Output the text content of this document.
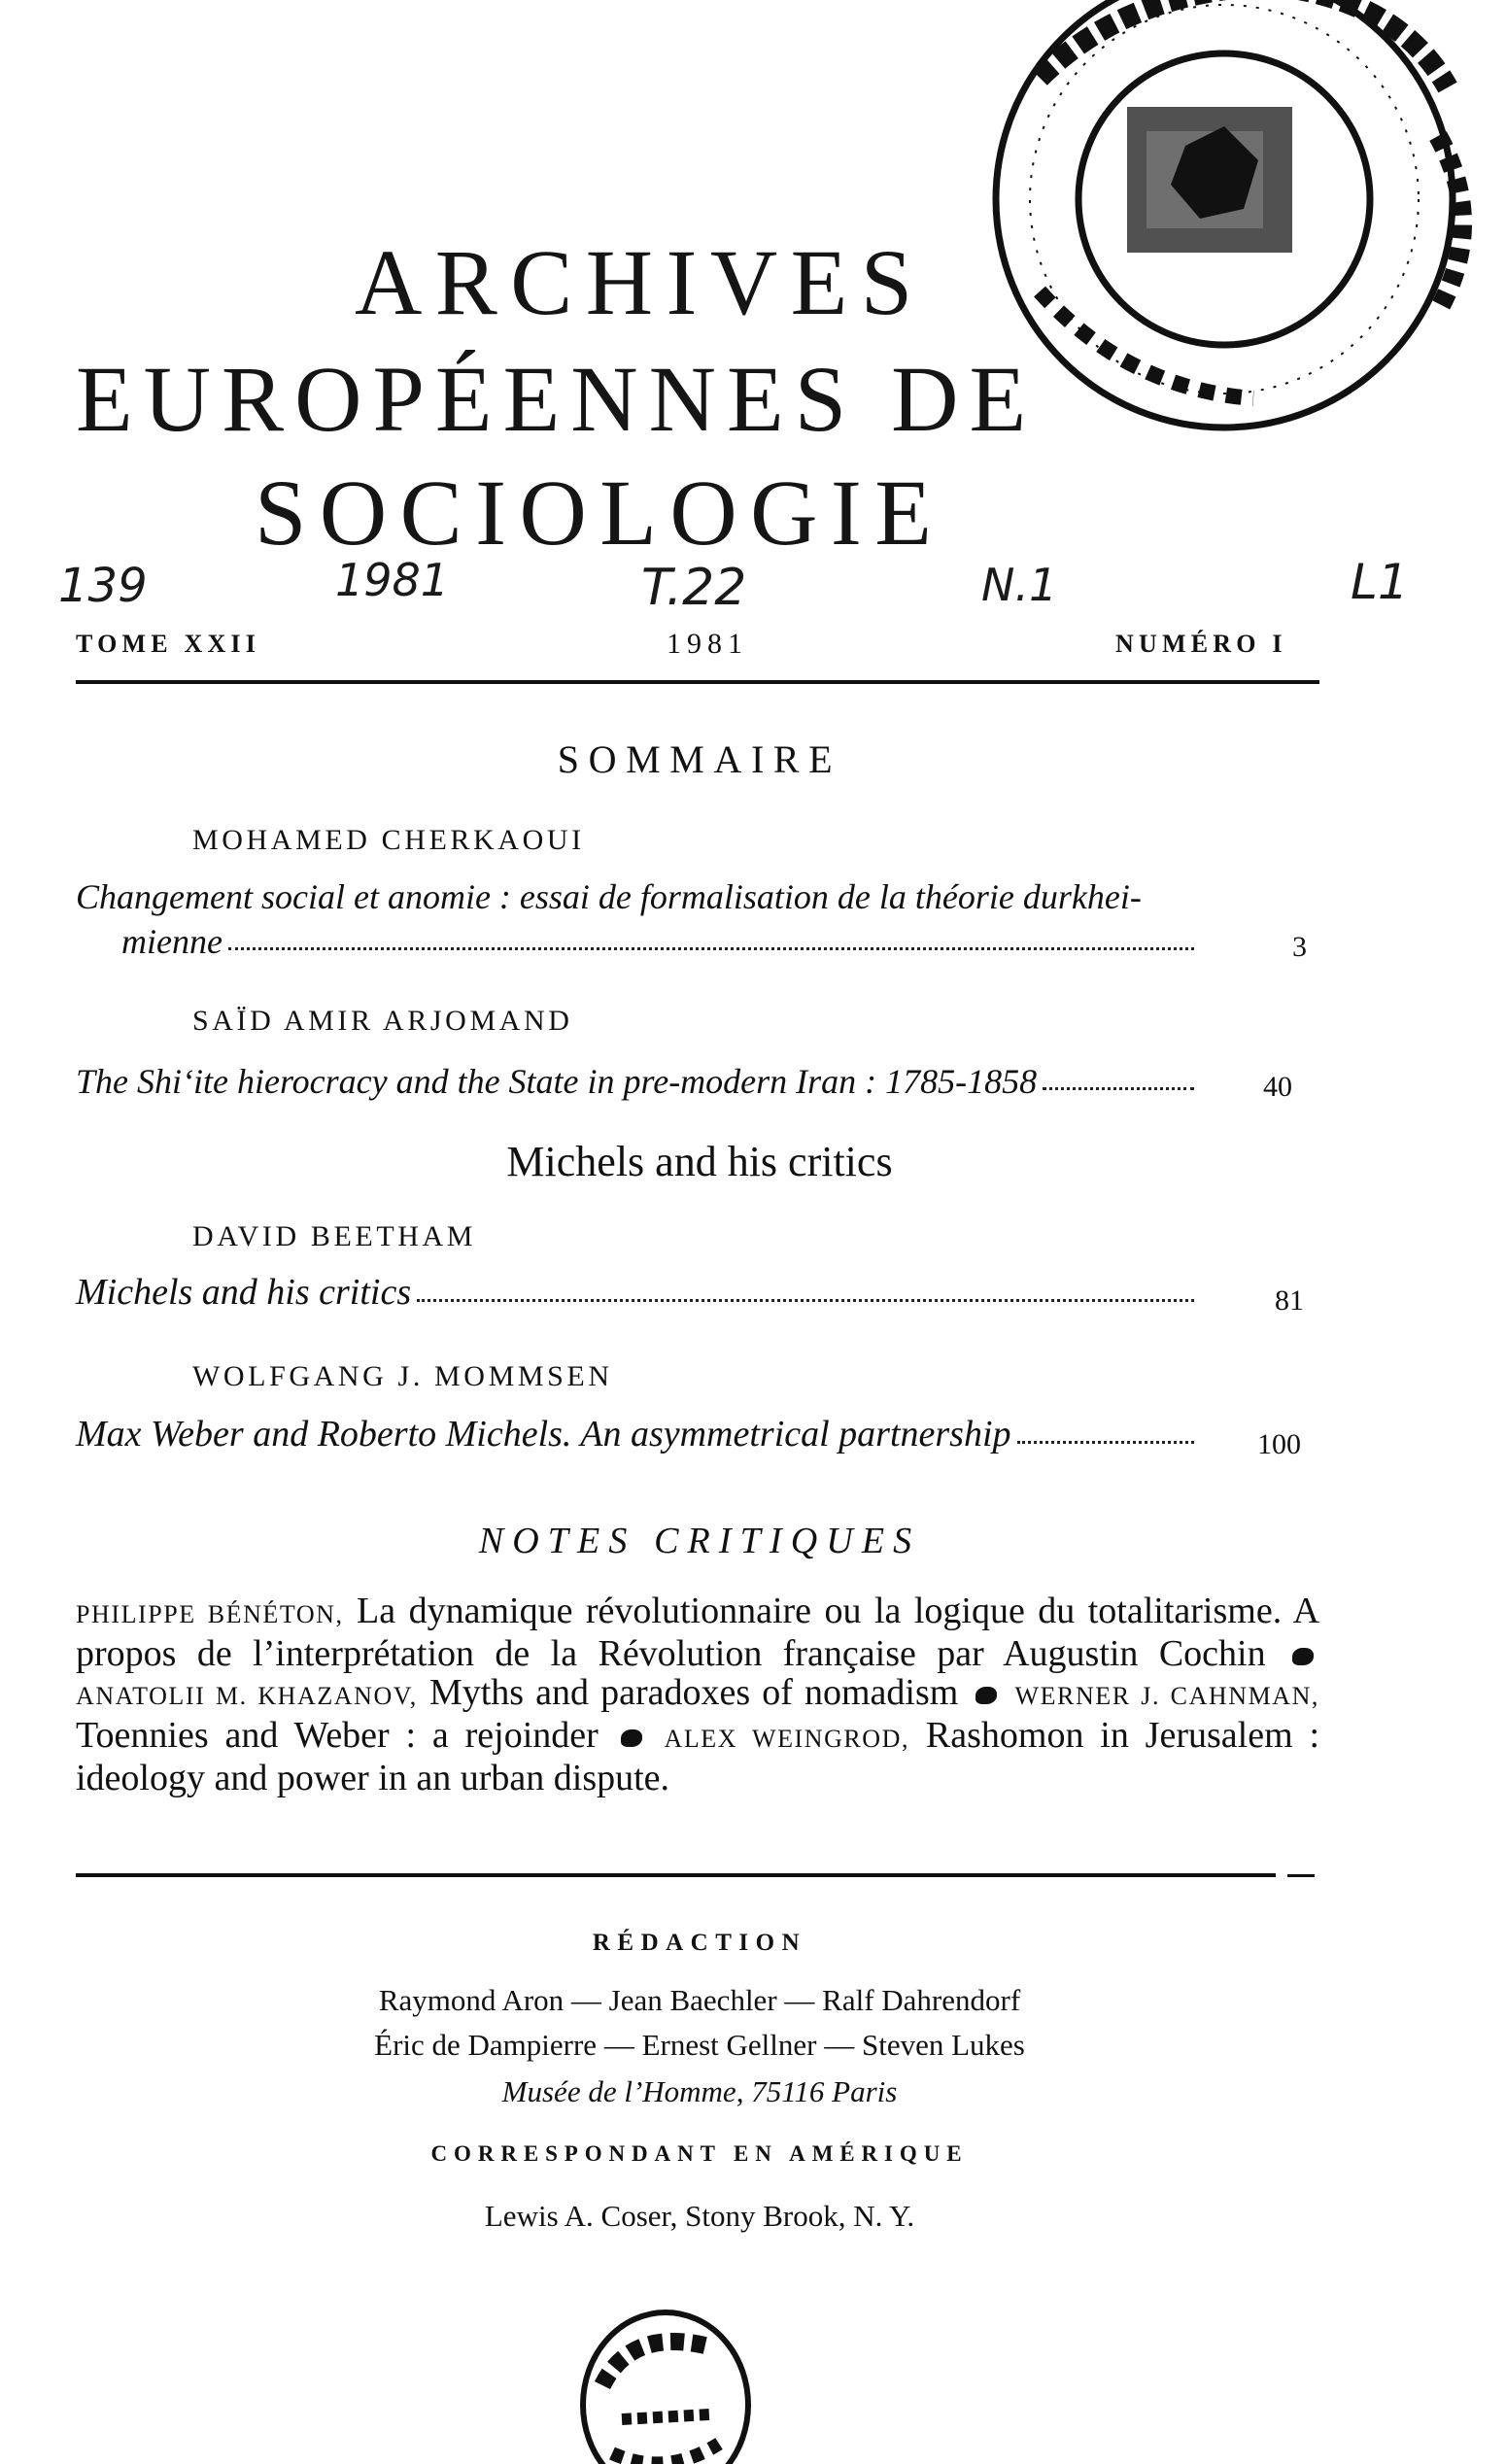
ARCHIVES
EUROPÉENNES DE
SOCIOLOGIE
139	1981	T.22	N.1	L1
TOME XXII	1981	NUMÉRO I
SOMMAIRE
MOHAMED CHERKAOUI
Changement social et anomie : essai de formalisation de la théorie durkhei-
mienne	3
SAÏD AMIR ARJOMAND
The Shi‘ite hierocracy and the State in pre-modern Iran : 1785-1858	40
Michels and his critics
DAVID BEETHAM
Michels and his critics	81
WOLFGANG J. MOMMSEN
Max Weber and Roberto Michels. An asymmetrical partnership	100
NOTES CRITIQUES
PHILIPPE BÉNÉTON, La dynamique révolutionnaire ou la logique du totalitarisme. A propos de l’interprétation de la Révolution française par Augustin Cochin  ANATOLII M. KHAZANOV, Myths and paradoxes of nomadism WERNER J. CAHNMAN, Toennies and Weber : a rejoinder	ALEX WEINGROD, Rashomon in Jerusalem : ideology and power in an urban dispute.
RÉDACTION
Raymond Aron — Jean Baechler — Ralf Dahrendorf
Éric de Dampierre — Ernest Gellner — Steven Lukes
Musée de l’Homme, 75116 Paris
CORRESPONDANT EN AMÉRIQUE
Lewis A. Coser, Stony Brook, N. Y.
